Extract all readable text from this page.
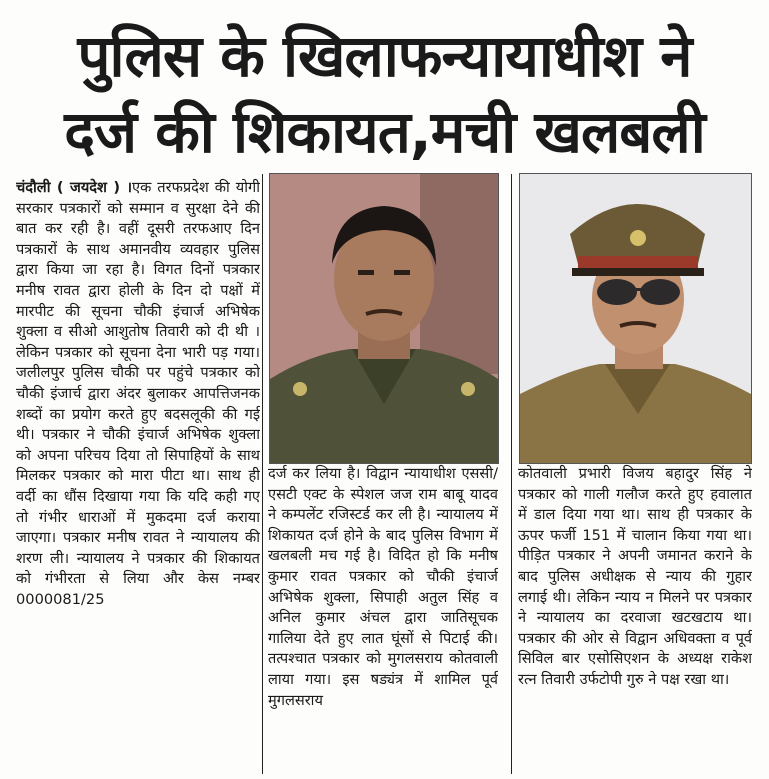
पुलिस के खिलाफन्यायाधीश ने
दर्ज की शिकायत,मची खलबली

चंदौली ( जयदेश ) ।एक तरफप्रदेश की योगी सरकार पत्रकारों को सम्मान व सुरक्षा देने की बात कर रही है। वहीं दूसरी तरफआए दिन पत्रकारों के साथ अमानवीय व्यवहार पुलिस द्वारा किया जा रहा है। विगत दिनों पत्रकार मनीष रावत द्वारा होली के दिन दो पक्षों में मारपीट की सूचना चौकी इंचार्ज अभिषेक शुक्ला व सीओ आशुतोष तिवारी को दी थी । लेकिन पत्रकार को सूचना देना भारी पड़ गया। जलीलपुर पुलिस चौकी पर पहुंचे पत्रकार को चौकी इंजार्च द्वारा अंदर बुलाकर आपत्तिजनक शब्दों का प्रयोग करते हुए बदसलूकी की गई थी। पत्रकार ने चौकी इंचार्ज अभिषेक शुक्ला को अपना परिचय दिया तो सिपाहियों के साथ मिलकर पत्रकार को मारा पीटा था। साथ ही वर्दी का धौंस दिखाया गया कि यदि कही गए तो गंभीर धाराओं में मुकदमा दर्ज कराया जाएगा। पत्रकार मनीष रावत ने न्यायालय की शरण ली। न्यायालय ने पत्रकार की शिकायत को गंभीरता से लिया और केस नम्बर 0000081/25

दर्ज कर लिया है। विद्वान न्यायाधीश एससी/एसटी एक्ट के स्पेशल जज राम बाबू यादव ने कम्पलेंट रजिस्टर्ड कर ली है। न्यायालय में शिकायत दर्ज होने के बाद पुलिस विभाग में खलबली मच गई है। विदित हो कि मनीष कुमार रावत पत्रकार को चौकी इंचार्ज अभिषेक शुक्ला, सिपाही अतुल सिंह व अनिल कुमार अंचल द्वारा जातिसूचक गालिया देते हुए लात घूंसों से पिटाई की। तत्पश्चात पत्रकार को मुगलसराय कोतवाली लाया गया। इस षड्यंत्र में शामिल पूर्व मुगलसराय

कोतवाली प्रभारी विजय बहादुर सिंह ने पत्रकार को गाली गलौज करते हुए हवालात में डाल दिया गया था। साथ ही पत्रकार के ऊपर फर्जी 151 में चालान किया गया था। पीड़ित पत्रकार ने अपनी जमानत कराने के बाद पुलिस अधीक्षक से न्याय की गुहार लगाई थी। लेकिन न्याय न मिलने पर पत्रकार ने न्यायालय का दरवाजा खटखटाय था। पत्रकार की ओर से विद्वान अधिवक्ता व पूर्व सिविल बार एसोसिएशन के अध्यक्ष राकेश रत्न तिवारी उर्फटोपी गुरु ने पक्ष रखा था।
